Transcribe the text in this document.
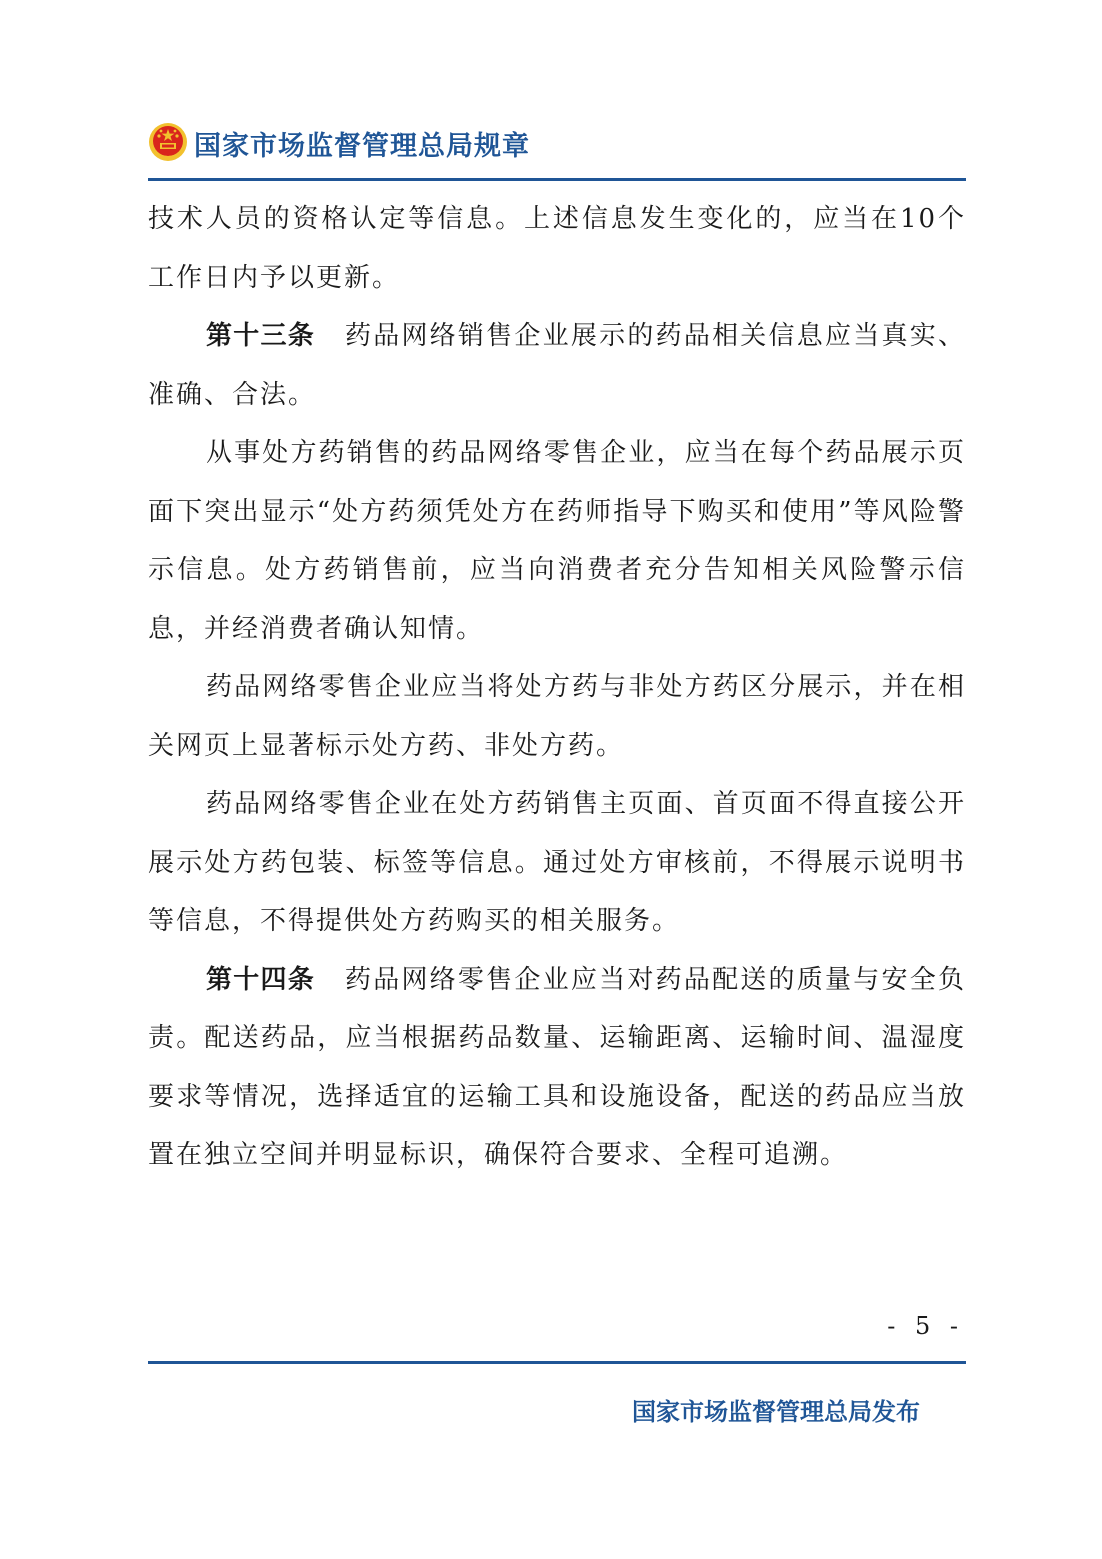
国家市场监督管理总局规章

技术人员的资格认定等信息。上述信息发生变化的，应当在10个工作日内予以更新。

第十三条 药品网络销售企业展示的药品相关信息应当真实、准确、合法。

从事处方药销售的药品网络零售企业，应当在每个药品展示页面下突出显示“处方药须凭处方在药师指导下购买和使用”等风险警示信息。处方药销售前，应当向消费者充分告知相关风险警示信息，并经消费者确认知情。

药品网络零售企业应当将处方药与非处方药区分展示，并在相关网页上显著标示处方药、非处方药。

药品网络零售企业在处方药销售主页面、首页面不得直接公开展示处方药包装、标签等信息。通过处方审核前，不得展示说明书等信息，不得提供处方药购买的相关服务。

第十四条 药品网络零售企业应当对药品配送的质量与安全负责。配送药品，应当根据药品数量、运输距离、运输时间、温湿度要求等情况，选择适宜的运输工具和设施设备，配送的药品应当放置在独立空间并明显标识，确保符合要求、全程可追溯。

- 5 -
国家市场监督管理总局发布
